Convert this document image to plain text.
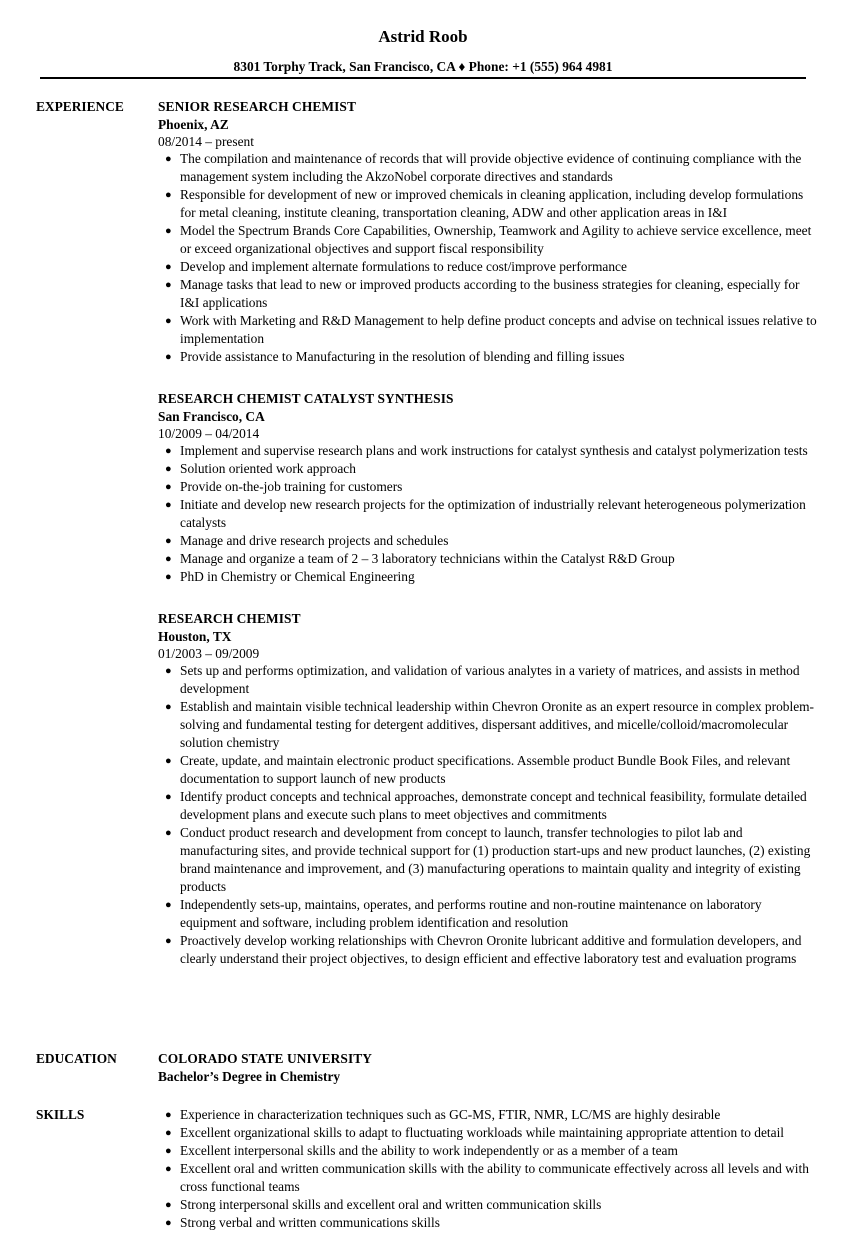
Astrid Roob
8301 Torphy Track, San Francisco, CA ♦ Phone: +1 (555) 964 4981
EXPERIENCE	SENIOR RESEARCH CHEMIST
Phoenix, AZ
08/2014 – present
● The compilation and maintenance of records that will provide objective evidence of continuing compliance with the management system including the AkzoNobel corporate directives and standards
● Responsible for development of new or improved chemicals in cleaning application, including develop formulations for metal cleaning, institute cleaning, transportation cleaning, ADW and other application areas in I&I
● Model the Spectrum Brands Core Capabilities, Ownership, Teamwork and Agility to achieve service excellence, meet or exceed organizational objectives and support fiscal responsibility
● Develop and implement alternate formulations to reduce cost/improve performance
● Manage tasks that lead to new or improved products according to the business strategies for cleaning, especially for I&I applications
● Work with Marketing and R&D Management to help define product concepts and advise on technical issues relative to implementation
● Provide assistance to Manufacturing in the resolution of blending and filling issues
RESEARCH CHEMIST CATALYST SYNTHESIS
San Francisco, CA
10/2009 – 04/2014
● Implement and supervise research plans and work instructions for catalyst synthesis and catalyst polymerization tests
● Solution oriented work approach
● Provide on-the-job training for customers
● Initiate and develop new research projects for the optimization of industrially relevant heterogeneous polymerization catalysts
● Manage and drive research projects and schedules
● Manage and organize a team of 2 – 3 laboratory technicians within the Catalyst R&D Group
● PhD in Chemistry or Chemical Engineering
RESEARCH CHEMIST
Houston, TX
01/2003 – 09/2009
● Sets up and performs optimization, and validation of various analytes in a variety of matrices, and assists in method development
● Establish and maintain visible technical leadership within Chevron Oronite as an expert resource in complex problem-solving and fundamental testing for detergent additives, dispersant additives, and micelle/colloid/macromolecular solution chemistry
● Create, update, and maintain electronic product specifications. Assemble product Bundle Book Files, and relevant documentation to support launch of new products
● Identify product concepts and technical approaches, demonstrate concept and technical feasibility, formulate detailed development plans and execute such plans to meet objectives and commitments
● Conduct product research and development from concept to launch, transfer technologies to pilot lab and manufacturing sites, and provide technical support for (1) production start-ups and new product launches, (2) existing brand maintenance and improvement, and (3) manufacturing operations to maintain quality and integrity of existing products
● Independently sets-up, maintains, operates, and performs routine and non-routine maintenance on laboratory equipment and software, including problem identification and resolution
● Proactively develop working relationships with Chevron Oronite lubricant additive and formulation developers, and clearly understand their project objectives, to design efficient and effective laboratory test and evaluation programs
EDUCATION	COLORADO STATE UNIVERSITY
Bachelor’s Degree in Chemistry
SKILLS	● Experience in characterization techniques such as GC-MS, FTIR, NMR, LC/MS are highly desirable
● Excellent organizational skills to adapt to fluctuating workloads while maintaining appropriate attention to detail
● Excellent interpersonal skills and the ability to work independently or as a member of a team
● Excellent oral and written communication skills with the ability to communicate effectively across all levels and with cross functional teams
● Strong interpersonal skills and excellent oral and written communication skills
● Strong verbal and written communications skills
